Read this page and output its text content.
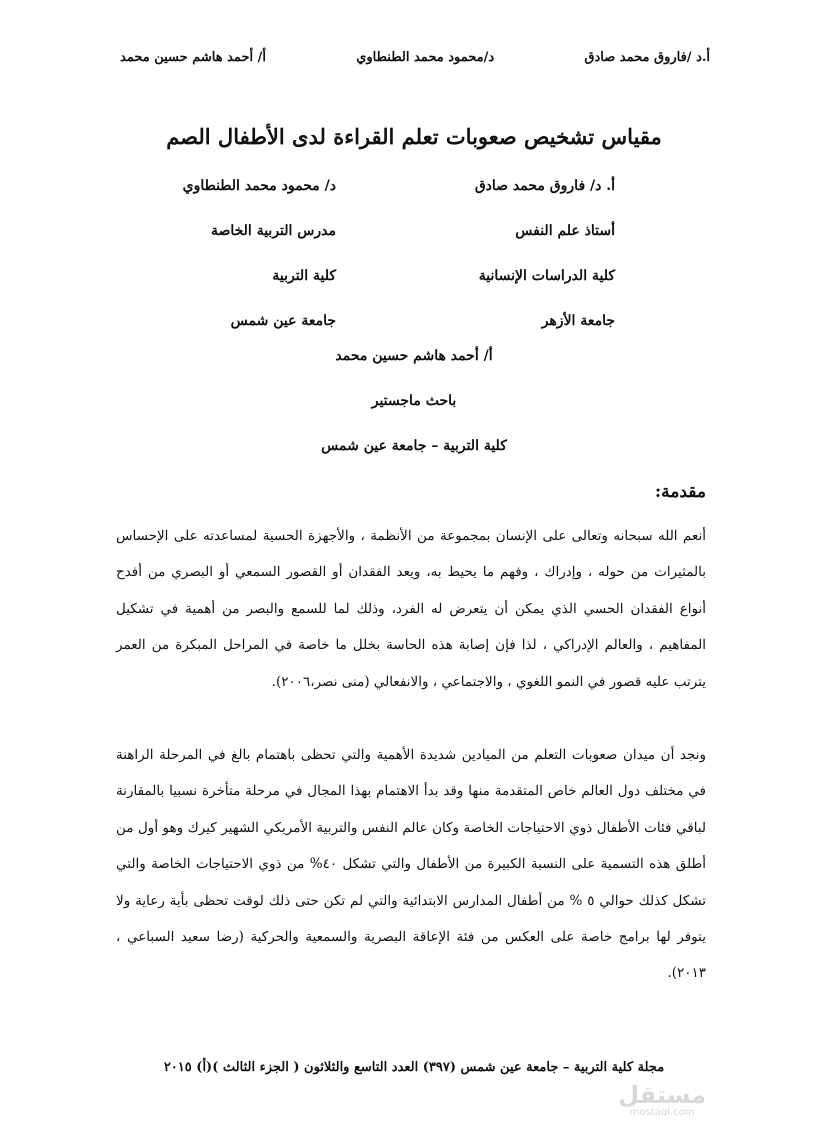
أ.د /فاروق محمد صادق
د/محمود محمد الطنطاوي
أ/ أحمد هاشم حسين محمد
مقياس تشخيص صعوبات تعلم القراءة لدى الأطفال الصم
أ. د/ فاروق محمد صادق
أستاذ علم النفس
كلية الدراسات الإنسانية
جامعة الأزهر
د/ محمود محمد الطنطاوي
مدرس التربية الخاصة
كلية التربية
جامعة عين شمس
أ/ أحمد هاشم حسين محمد
باحث ماجستير
كلية التربية – جامعة عين شمس
مقدمة:
أنعم الله سبحانه وتعالى على الإنسان بمجموعة من الأنظمة ، والأجهزة الحسية لمساعدته على الإحساس بالمثيرات من حوله ، وإدراك ، وفهم ما يحيط به، ويعد الفقدان أو القصور السمعي أو البصري من أفدح أنواع الفقدان الحسي الذي يمكن أن يتعرض له الفرد، وذلك لما للسمع والبصر من أهمية في تشكيل المفاهيم ، والعالم الإدراكي ، لذا فإن إصابة هذه الحاسة بخلل ما خاصة في المراحل المبكرة من العمر يترتب عليه قصور في النمو اللغوي ، والاجتماعي ، والانفعالي (منى نصر،٢٠٠٦).
ونجد أن ميدان صعوبات التعلم من الميادين شديدة الأهمية والتي تحظى باهتمام بالغ في المرحلة الراهنة في مختلف دول العالم خاص المتقدمة منها وقد بدأ الاهتمام بهذا المجال في مرحلة متأخرة نسبيا بالمقارنة لباقي فئات الأطفال ذوي الاحتياجات الخاصة وكان عالم النفس والتربية الأمريكي الشهير كيرك وهو أول من أطلق هذه التسمية على النسبة الكبيرة من الأطفال والتي تشكل ٤٠% من ذوي الاحتياجات الخاصة والتي تشكل كذلك حوالي ٥ % من أطفال المدارس الابتدائية والتي لم تكن حتى ذلك لوقت تحظى بأية رعاية ولا يتوفر لها برامج خاصة على العكس من فئة الإعاقة البصرية والسمعية والحركية (رضا سعيد السباعي ، ٢٠١٣).
مجلة كلية التربية – جامعة عين شمس (٣٩٧) العدد التاسع والثلاثون ( الجزء الثالث )(أ) ٢٠١٥
مستقل
mostaql.com
